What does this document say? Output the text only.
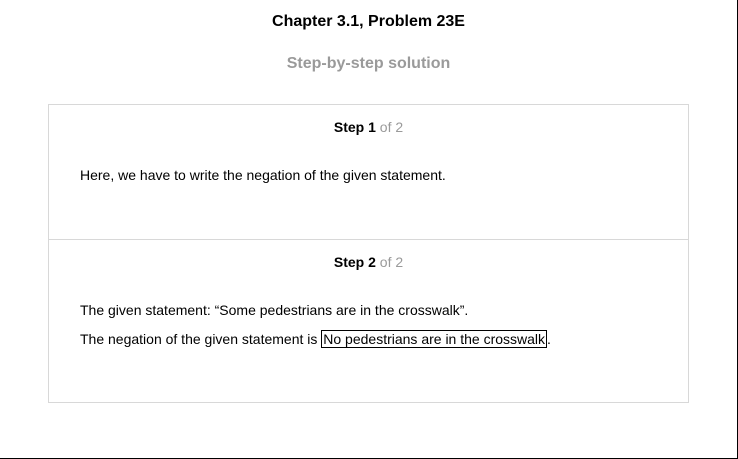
Chapter 3.1, Problem 23E
Step-by-step solution
Step 1 of 2
Here, we have to write the negation of the given statement.
Step 2 of 2
The given statement: “Some pedestrians are in the crosswalk”.
The negation of the given statement is No pedestrians are in the crosswalk .
